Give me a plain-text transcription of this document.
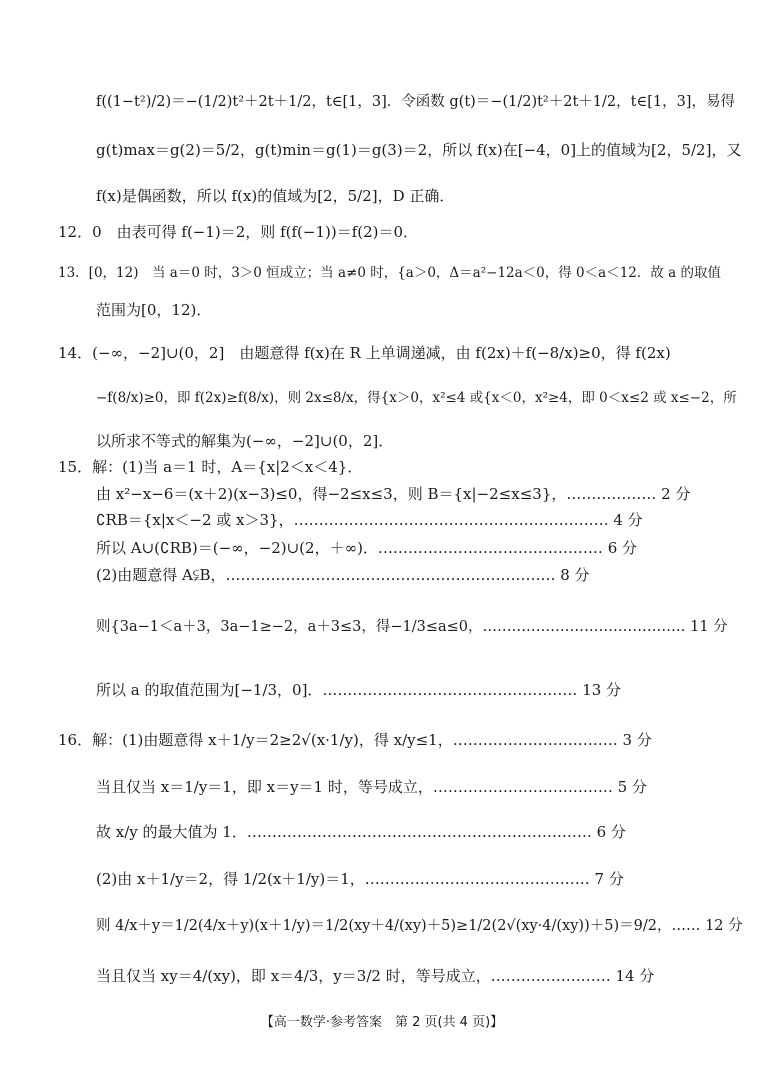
f((1−t²)/2)＝−(1/2)t²＋2t＋1/2，t∈[1，3]．令函数 g(t)＝−(1/2)t²＋2t＋1/2，t∈[1，3]，易得
g(t)max＝g(2)＝5/2，g(t)min＝g(1)＝g(3)＝2，所以 f(x)在[−4，0]上的值域为[2，5/2]，又
f(x)是偶函数，所以 f(x)的值域为[2，5/2]，D 正确．
12．0　由表可得 f(−1)＝2，则 f(f(−1))＝f(2)＝0．
13．[0，12)　当 a＝0 时，3＞0 恒成立；当 a≠0 时，{a＞0，Δ＝a²−12a＜0，得 0＜a＜12．故 a 的取值
范围为[0，12)．
14．(−∞，−2]∪(0，2]　由题意得 f(x)在 R 上单调递减，由 f(2x)＋f(−8/x)≥0，得 f(2x)
−f(8/x)≥0，即 f(2x)≥f(8/x)，则 2x≤8/x，得{x＞0，x²≤4 或{x＜0，x²≥4，即 0＜x≤2 或 x≤−2，所
以所求不等式的解集为(−∞，−2]∪(0，2]．
15．解：(1)当 a＝1 时，A＝{x|2＜x＜4}．
由 x²−x−6＝(x＋2)(x−3)≤0，得−2≤x≤3，则 B＝{x|−2≤x≤3}，……………… 2 分
∁RB＝{x|x＜−2 或 x＞3}，……………………………………………………… 4 分
所以 A∪(∁RB)＝(−∞，−2)∪(2，＋∞)．……………………………………… 6 分
(2)由题意得 A⫋B，………………………………………………………… 8 分
则{3a−1＜a＋3，3a−1≥−2，a＋3≤3，得−1/3≤a≤0，…………………………………… 11 分
所以 a 的取值范围为[−1/3，0]．…………………………………………… 13 分
16．解：(1)由题意得 x＋1/y＝2≥2√(x·1/y)，得 x/y≤1，…………………………… 3 分
当且仅当 x＝1/y＝1，即 x＝y＝1 时，等号成立，……………………………… 5 分
故 x/y 的最大值为 1．…………………………………………………………… 6 分
(2)由 x＋1/y＝2，得 1/2(x＋1/y)＝1，……………………………………… 7 分
则 4/x＋y＝1/2(4/x＋y)(x＋1/y)＝1/2(xy＋4/(xy)＋5)≥1/2(2√(xy·4/(xy))＋5)＝9/2，…… 12 分
当且仅当 xy＝4/(xy)，即 x＝4/3，y＝3/2 时，等号成立，…………………… 14 分
【高一数学·参考答案　第 2 页(共 4 页)】
